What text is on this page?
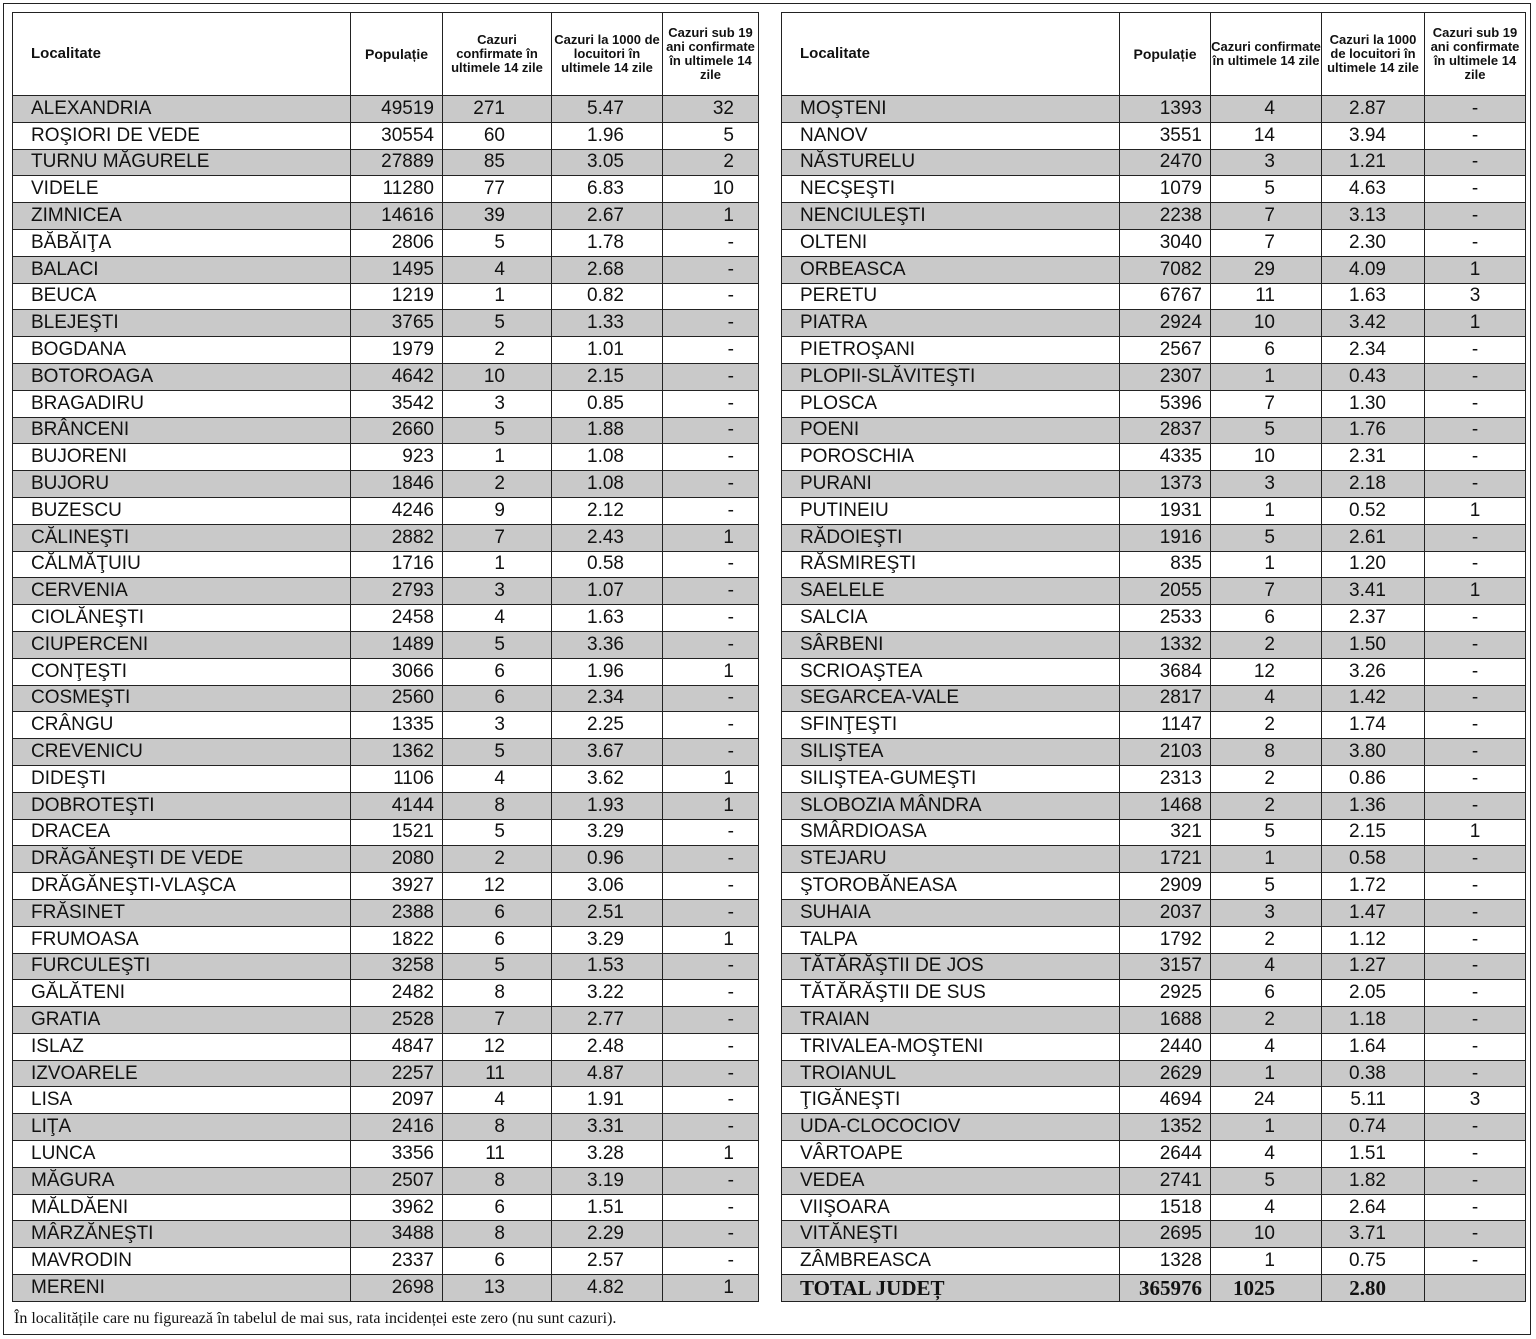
Localitate	Populație	Cazuri confirmate în ultimele 14 zile	Cazuri la 1000 de locuitori în ultimele 14 zile	Cazuri sub 19 ani confirmate în ultimele 14 zile
ALEXANDRIA	49519	271	5.47	32
ROŞIORI DE VEDE	30554	60	1.96	5
TURNU MĂGURELE	27889	85	3.05	2
VIDELE	11280	77	6.83	10
ZIMNICEA	14616	39	2.67	1
BĂBĂIŢA	2806	5	1.78	-
BALACI	1495	4	2.68	-
BEUCA	1219	1	0.82	-
BLEJEŞTI	3765	5	1.33	-
BOGDANA	1979	2	1.01	-
BOTOROAGA	4642	10	2.15	-
BRAGADIRU	3542	3	0.85	-
BRÂNCENI	2660	5	1.88	-
BUJORENI	923	1	1.08	-
BUJORU	1846	2	1.08	-
BUZESCU	4246	9	2.12	-
CĂLINEŞTI	2882	7	2.43	1
CĂLMĂŢUIU	1716	1	0.58	-
CERVENIA	2793	3	1.07	-
CIOLĂNEŞTI	2458	4	1.63	-
CIUPERCENI	1489	5	3.36	-
CONŢEŞTI	3066	6	1.96	1
COSMEŞTI	2560	6	2.34	-
CRÂNGU	1335	3	2.25	-
CREVENICU	1362	5	3.67	-
DIDEŞTI	1106	4	3.62	1
DOBROTEŞTI	4144	8	1.93	1
DRACEA	1521	5	3.29	-
DRĂGĂNEŞTI DE VEDE	2080	2	0.96	-
DRĂGĂNEŞTI-VLAŞCA	3927	12	3.06	-
FRĂSINET	2388	6	2.51	-
FRUMOASA	1822	6	3.29	1
FURCULEŞTI	3258	5	1.53	-
GĂLĂTENI	2482	8	3.22	-
GRATIA	2528	7	2.77	-
ISLAZ	4847	12	2.48	-
IZVOARELE	2257	11	4.87	-
LISA	2097	4	1.91	-
LIŢA	2416	8	3.31	-
LUNCA	3356	11	3.28	1
MĂGURA	2507	8	3.19	-
MĂLDĂENI	3962	6	1.51	-
MÂRZĂNEŞTI	3488	8	2.29	-
MAVRODIN	2337	6	2.57	-
MERENI	2698	13	4.82	1
Localitate	Populație	Cazuri confirmate în ultimele 14 zile	Cazuri la 1000 de locuitori în ultimele 14 zile	Cazuri sub 19 ani confirmate în ultimele 14 zile
MOŞTENI	1393	4	2.87	-
NANOV	3551	14	3.94	-
NĂSTURELU	2470	3	1.21	-
NECŞEŞTI	1079	5	4.63	-
NENCIULEŞTI	2238	7	3.13	-
OLTENI	3040	7	2.30	-
ORBEASCA	7082	29	4.09	1
PERETU	6767	11	1.63	3
PIATRA	2924	10	3.42	1
PIETROŞANI	2567	6	2.34	-
PLOPII-SLĂVITEŞTI	2307	1	0.43	-
PLOSCA	5396	7	1.30	-
POENI	2837	5	1.76	-
POROSCHIA	4335	10	2.31	-
PURANI	1373	3	2.18	-
PUTINEIU	1931	1	0.52	1
RĂDOIEŞTI	1916	5	2.61	-
RĂSMIREŞTI	835	1	1.20	-
SAELELE	2055	7	3.41	1
SALCIA	2533	6	2.37	-
SÂRBENI	1332	2	1.50	-
SCRIOAŞTEA	3684	12	3.26	-
SEGARCEA-VALE	2817	4	1.42	-
SFINŢEŞTI	1147	2	1.74	-
SILIŞTEA	2103	8	3.80	-
SILIŞTEA-GUMEŞTI	2313	2	0.86	-
SLOBOZIA MÂNDRA	1468	2	1.36	-
SMÂRDIOASA	321	5	2.15	1
STEJARU	1721	1	0.58	-
ŞTOROBĂNEASA	2909	5	1.72	-
SUHAIA	2037	3	1.47	-
TALPA	1792	2	1.12	-
TĂTĂRĂŞTII DE JOS	3157	4	1.27	-
TĂTĂRĂŞTII DE SUS	2925	6	2.05	-
TRAIAN	1688	2	1.18	-
TRIVALEA-MOŞTENI	2440	4	1.64	-
TROIANUL	2629	1	0.38	-
ŢIGĂNEŞTI	4694	24	5.11	3
UDA-CLOCOCIOV	1352	1	0.74	-
VÂRTOAPE	2644	4	1.51	-
VEDEA	2741	5	1.82	-
VIIŞOARA	1518	4	2.64	-
VITĂNEŞTI	2695	10	3.71	-
ZÂMBREASCA	1328	1	0.75	-
TOTAL JUDEȚ	365976	1025	2.80	
În localitățile care nu figurează în tabelul de mai sus, rata incidenței este zero (nu sunt cazuri).
